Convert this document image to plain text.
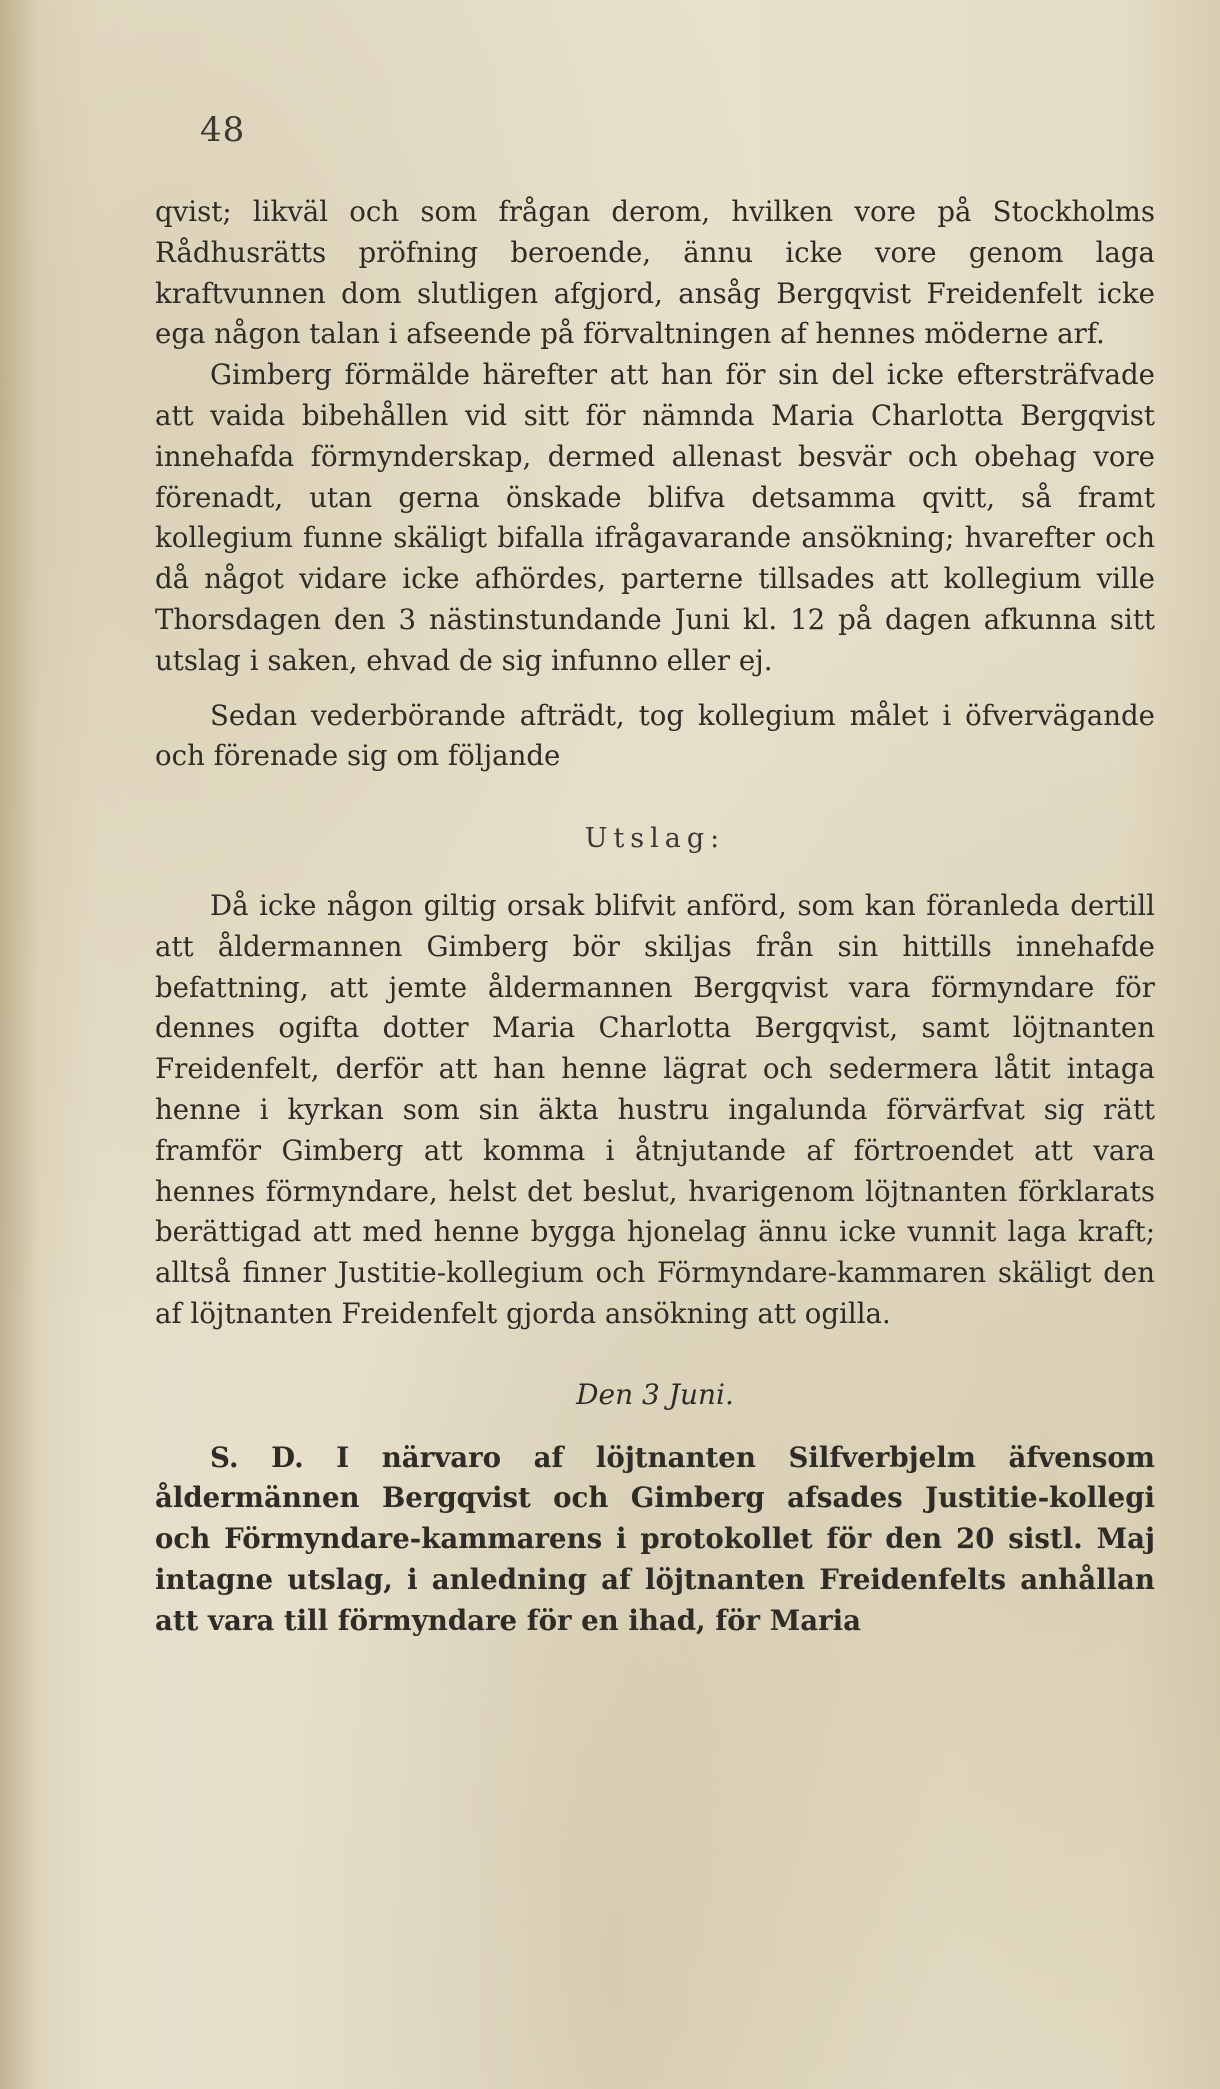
48

qvist; likväl och som frågan derom, hvilken vore på Stockholms Rådhusrätts pröfning beroende, ännu icke vore genom laga kraftvunnen dom slutligen afgjord, ansåg Bergqvist Freidenfelt icke ega någon talan i afseende på förvaltningen af hennes möderne arf.

Gimberg förmälde härefter att han för sin del icke eftersträfvade att vaida bibehållen vid sitt för nämnda Maria Charlotta Bergqvist innehafda förmynderskap, dermed allenast besvär och obehag vore förenadt, utan gerna önskade blifva detsamma qvitt, så framt kollegium funne skäligt bifalla ifrågavarande ansökning; hvarefter och då något vidare icke afhördes, parterne tillsades att kollegium ville Thorsdagen den 3 nästinstundande Juni kl. 12 på dagen afkunna sitt utslag i saken, ehvad de sig infunno eller ej.

Sedan vederbörande afträdt, tog kollegium målet i öfvervägande och förenade sig om följande

Utslag:

Då icke någon giltig orsak blifvit anförd, som kan föranleda dertill att åldermannen Gimberg bör skiljas från sin hittills innehafde befattning, att jemte åldermannen Bergqvist vara förmyndare för dennes ogifta dotter Maria Charlotta Bergqvist, samt löjtnanten Freidenfelt, derför att han henne lägrat och sedermera låtit intaga henne i kyrkan som sin äkta hustru ingalunda förvärfvat sig rätt framför Gimberg att komma i åtnjutande af förtroendet att vara hennes förmyndare, helst det beslut, hvarigenom löjtnanten förklarats berättigad att med henne bygga hjonelag ännu icke vunnit laga kraft; alltså finner Justitie-kollegium och Förmyndare-kammaren skäligt den af löjtnanten Freidenfelt gjorda ansökning att ogilla.

Den 3 Juni.

S. D. I närvaro af löjtnanten Silfverbjelm äfvensom åldermännen Bergqvist och Gimberg afsades Justitie-kollegi och Förmyndare-kammarens i protokollet för den 20 sistl. Maj intagne utslag, i anledning af löjtnanten Freidenfelts anhållan att vara till förmyndare för en ihad, för Maria
